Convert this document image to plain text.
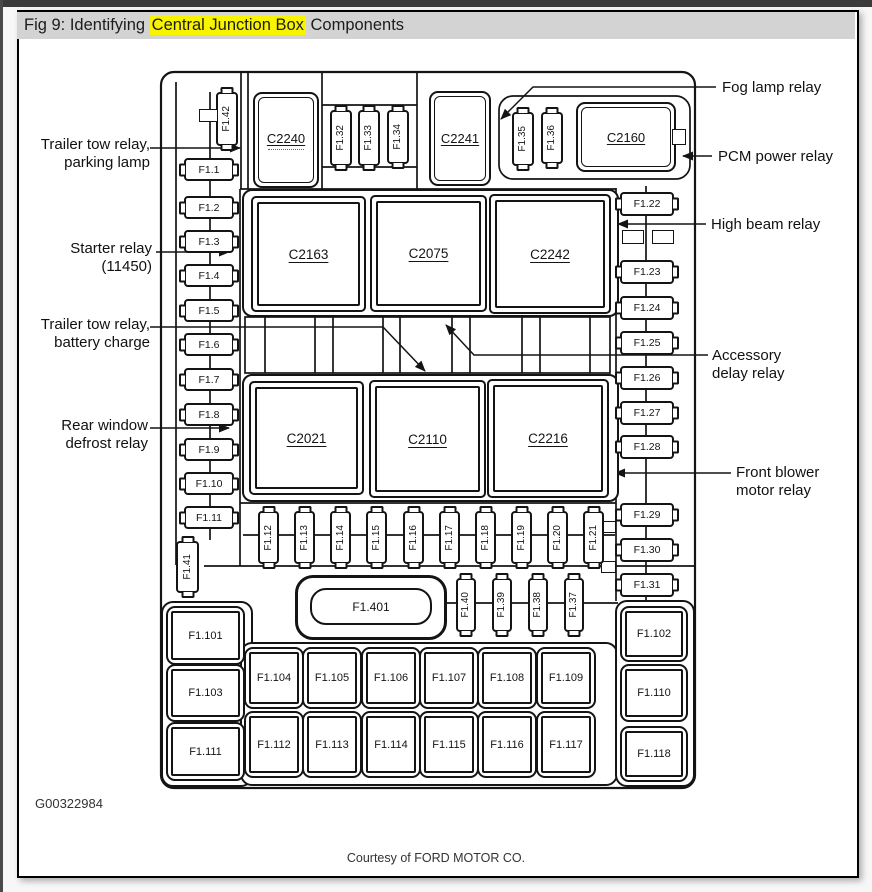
Fig 9: Identifying Central Junction Box Components
F1.42
C2240	F1.32 F1.33 F1.34	C2241	F1.35 F1.36	C2160
F1.1
F1.2
F1.3
F1.4
F1.5
F1.6
F1.7
F1.8
F1.9
F1.10
F1.11
C2163	C2075	C2242
C2021	C2110	C2216
F1.22
F1.23
F1.24
F1.25
F1.26
F1.27
F1.28
F1.29
F1.30
F1.31
F1.12	F1.13	F1.14	F1.15	F1.16	F1.17	F1.18	F1.19	F1.20	F1.21
F1.41
F1.401	F1.40	F1.39	F1.38	F1.37
F1.101
F1.103
F1.111
F1.104 F1.105 F1.106 F1.107 F1.108 F1.109
F1.112 F1.113 F1.114 F1.115 F1.116 F1.117
F1.102
F1.110
F1.118
Trailer tow relay,
parking lamp
Starter relay
(11450)
Trailer tow relay,
battery charge
Rear window
defrost relay
Fog lamp relay
PCM power relay
High beam relay
Accessory
delay relay
Front blower
motor relay
G00322984
Courtesy of FORD MOTOR CO.
